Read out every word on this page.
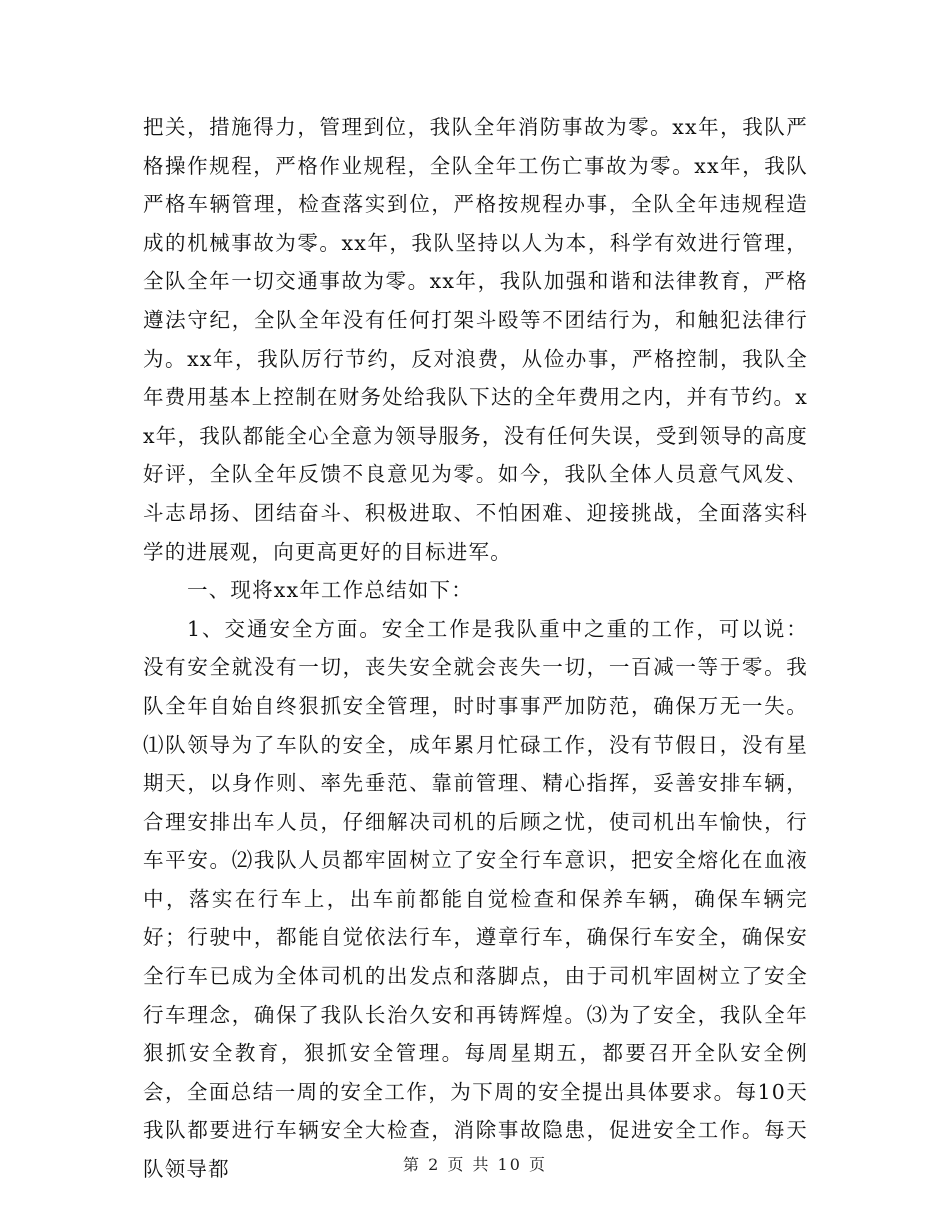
把关，措施得力，管理到位，我队全年消防事故为零。xx年，我队严格操作规程，严格作业规程，全队全年工伤亡事故为零。xx年，我队严格车辆管理，检查落实到位，严格按规程办事，全队全年违规程造成的机械事故为零。xx年，我队坚持以人为本，科学有效进行管理，全队全年一切交通事故为零。xx年，我队加强和谐和法律教育，严格遵法守纪，全队全年没有任何打架斗殴等不团结行为，和触犯法律行为。xx年，我队厉行节约，反对浪费，从俭办事，严格控制，我队全年费用基本上控制在财务处给我队下达的全年费用之内，并有节约。xx年，我队都能全心全意为领导服务，没有任何失误，受到领导的高度好评，全队全年反馈不良意见为零。如今，我队全体人员意气风发、斗志昂扬、团结奋斗、积极进取、不怕困难、迎接挑战，全面落实科学的进展观，向更高更好的目标进军。

一、现将xx年工作总结如下：

1、交通安全方面。安全工作是我队重中之重的工作，可以说：没有安全就没有一切，丧失安全就会丧失一切，一百减一等于零。我队全年自始自终狠抓安全管理，时时事事严加防范，确保万无一失。⑴队领导为了车队的安全，成年累月忙碌工作，没有节假日，没有星期天，以身作则、率先垂范、靠前管理、精心指挥，妥善安排车辆，合理安排出车人员，仔细解决司机的后顾之忧，使司机出车愉快，行车平安。⑵我队人员都牢固树立了安全行车意识，把安全熔化在血液中，落实在行车上，出车前都能自觉检查和保养车辆，确保车辆完好；行驶中，都能自觉依法行车，遵章行车，确保行车安全，确保安全行车已成为全体司机的出发点和落脚点，由于司机牢固树立了安全行车理念，确保了我队长治久安和再铸辉煌。⑶为了安全，我队全年狠抓安全教育，狠抓安全管理。每周星期五，都要召开全队安全例会，全面总结一周的安全工作，为下周的安全提出具体要求。每10天我队都要进行车辆安全大检查，消除事故隐患，促进安全工作。每天队领导都	第 2 页 共 10 页
